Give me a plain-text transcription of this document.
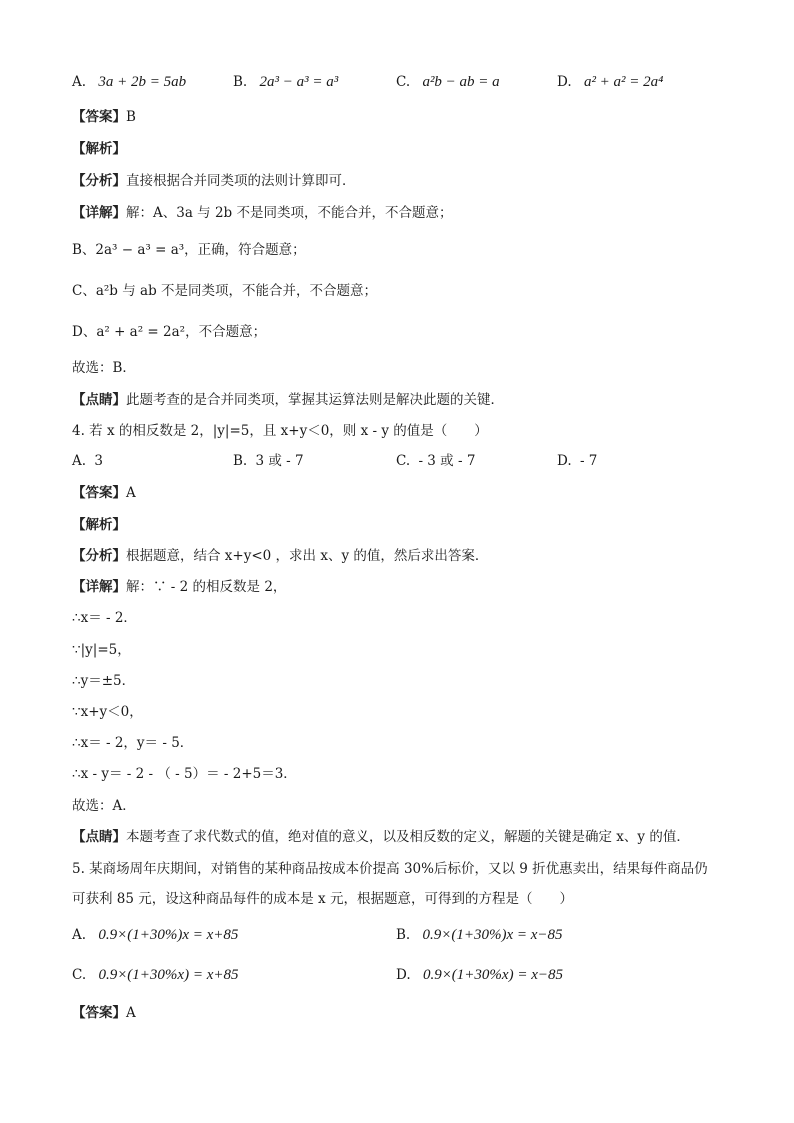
A. 3a + 2b = 5ab	B. 2a³ − a³ = a³	C. a²b − ab = a	D. a² + a² = 2a⁴
【答案】B
【解析】
【分析】直接根据合并同类项的法则计算即可．
【详解】解：A、3a 与 2b 不是同类项，不能合并，不合题意；
B、2a³ − a³ = a³，正确，符合题意；
C、a²b 与 ab 不是同类项，不能合并，不合题意；
D、a² + a² = 2a²，不合题意；
故选：B．
【点睛】此题考查的是合并同类项，掌握其运算法则是解决此题的关键．
4. 若 x 的相反数是 2，|y|=5，且 x+y＜0，则 x - y 的值是（　　）
A. 3	B. 3 或 - 7	C. - 3 或 - 7	D. - 7
【答案】A
【解析】
【分析】根据题意，结合 x+y<0 ，求出 x、y 的值，然后求出答案．
【详解】解：∵ - 2 的相反数是 2，
∴x＝ - 2．
∵|y|=5，
∴y＝±5．
∵x+y＜0，
∴x＝ - 2，y＝ - 5．
∴x - y＝ - 2 - （ - 5）＝ - 2+5＝3．
故选：A．
【点睛】本题考查了求代数式的值，绝对值的意义，以及相反数的定义，解题的关键是确定 x、y 的值．
5. 某商场周年庆期间，对销售的某种商品按成本价提高 30%后标价，又以 9 折优惠卖出，结果每件商品仍
可获利 85 元，设这种商品每件的成本是 x 元，根据题意，可得到的方程是（　　）
A. 0.9×(1+30%)x = x+85	B. 0.9×(1+30%)x = x−85
C. 0.9×(1+30%x) = x+85	D. 0.9×(1+30%x) = x−85
【答案】A
